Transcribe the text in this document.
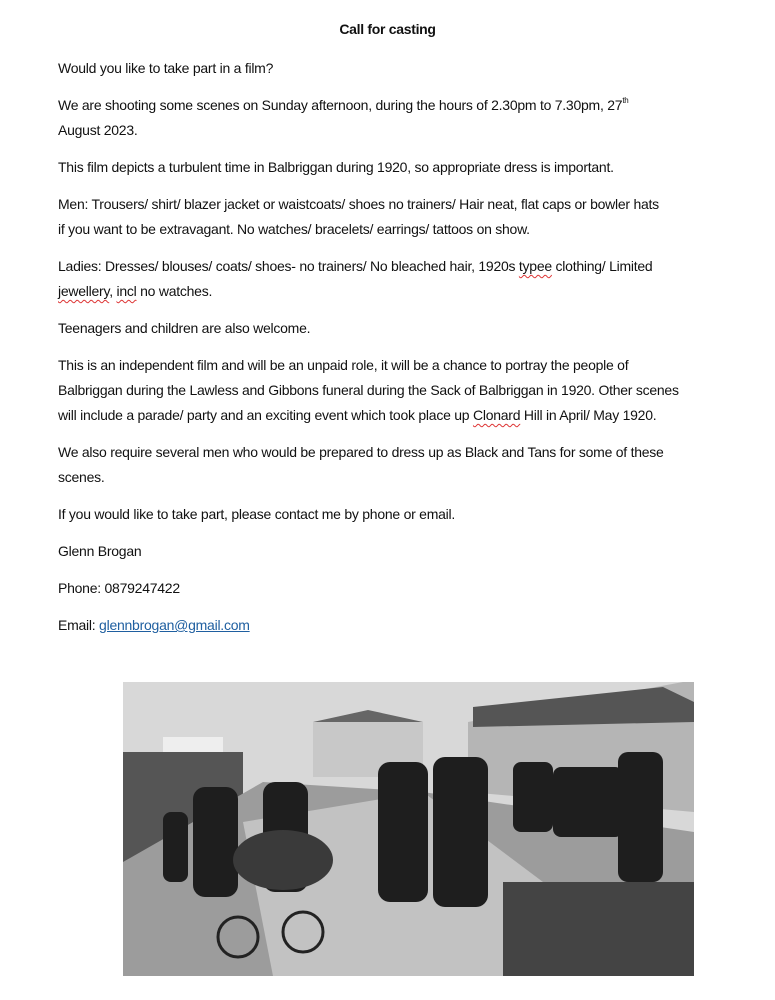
Call for casting

Would you like to take part in a film?

We are shooting some scenes on Sunday afternoon, during the hours of 2.30pm to 7.30pm, 27th
August 2023.

This film depicts a turbulent time in Balbriggan during 1920, so appropriate dress is important.

Men: Trousers/ shirt/ blazer jacket or waistcoats/ shoes no trainers/ Hair neat, flat caps or bowler hats
if you want to be extravagant. No watches/ bracelets/ earrings/ tattoos on show.

Ladies: Dresses/ blouses/ coats/ shoes- no trainers/ No bleached hair, 1920s typee clothing/ Limited
jewellery, incl no watches.

Teenagers and children are also welcome.

This is an independent film and will be an unpaid role, it will be a chance to portray the people of
Balbriggan during the Lawless and Gibbons funeral during the Sack of Balbriggan in 1920. Other scenes
will include a parade/ party and an exciting event which took place up Clonard Hill in April/ May 1920.

We also require several men who would be prepared to dress up as Black and Tans for some of these
scenes.

If you would like to take part, please contact me by phone or email.

Glenn Brogan

Phone: 0879247422

Email: glennbrogan@gmail.com
